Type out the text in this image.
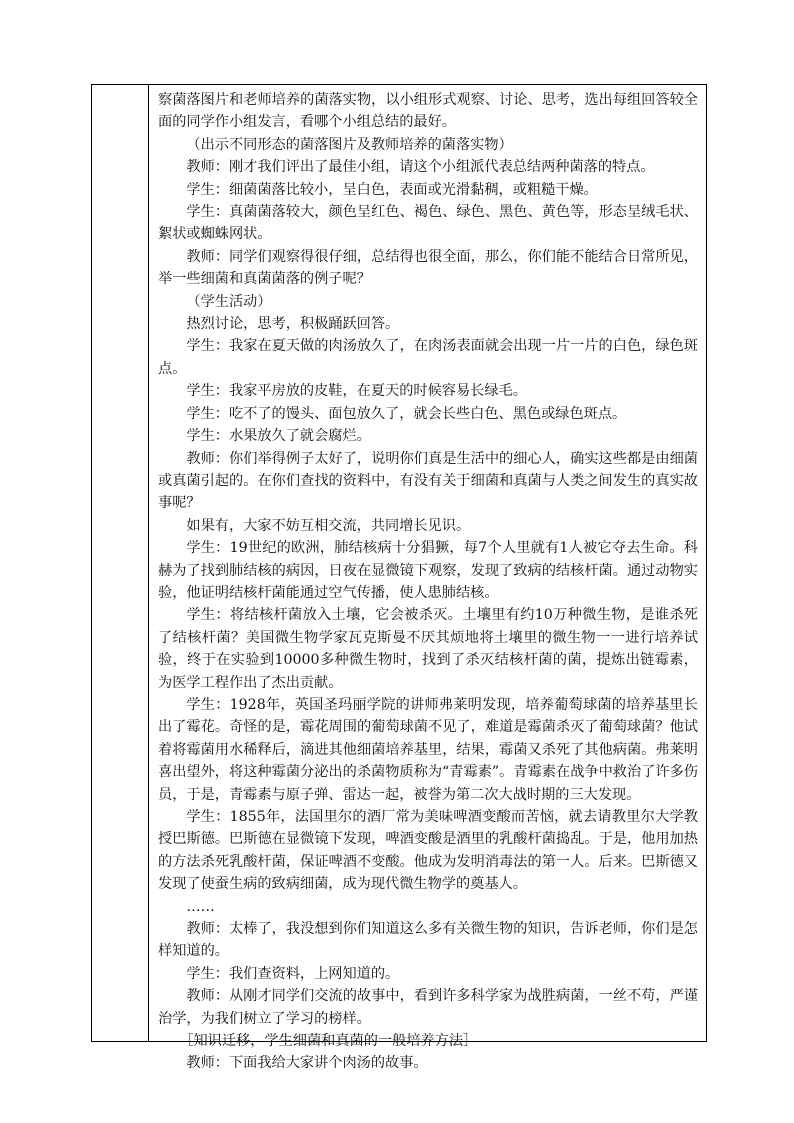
察菌落图片和老师培养的菌落实物，以小组形式观察、讨论、思考，选出每组回答较全面的同学作小组发言，看哪个小组总结的最好。

（出示不同形态的菌落图片及教师培养的菌落实物）

教师：刚才我们评出了最佳小组，请这个小组派代表总结两种菌落的特点。

学生：细菌菌落比较小，呈白色，表面或光滑黏稠，或粗糙干燥。

学生：真菌菌落较大，颜色呈红色、褐色、绿色、黑色、黄色等，形态呈绒毛状、絮状或蜘蛛网状。

教师：同学们观察得很仔细，总结得也很全面，那么，你们能不能结合日常所见，举一些细菌和真菌菌落的例子呢？

（学生活动）

热烈讨论，思考，积极踊跃回答。

学生：我家在夏天做的肉汤放久了，在肉汤表面就会出现一片一片的白色，绿色斑点。

学生：我家平房放的皮鞋，在夏天的时候容易长绿毛。

学生：吃不了的馒头、面包放久了，就会长些白色、黑色或绿色斑点。

学生：水果放久了就会腐烂。

教师：你们举得例子太好了，说明你们真是生活中的细心人，确实这些都是由细菌或真菌引起的。在你们查找的资料中，有没有关于细菌和真菌与人类之间发生的真实故事呢？

如果有，大家不妨互相交流，共同增长见识。

学生：19世纪的欧洲，肺结核病十分猖獗，每7个人里就有1人被它夺去生命。科赫为了找到肺结核的病因，日夜在显微镜下观察，发现了致病的结核杆菌。通过动物实验，他证明结核杆菌能通过空气传播，使人患肺结核。

学生：将结核杆菌放入土壤，它会被杀灭。土壤里有约10万种微生物，是谁杀死了结核杆菌？美国微生物学家瓦克斯曼不厌其烦地将土壤里的微生物一一进行培养试验，终于在实验到10000多种微生物时，找到了杀灭结核杆菌的菌，提炼出链霉素，为医学工程作出了杰出贡献。

学生：1928年，英国圣玛丽学院的讲师弗莱明发现，培养葡萄球菌的培养基里长出了霉花。奇怪的是，霉花周围的葡萄球菌不见了，难道是霉菌杀灭了葡萄球菌？他试着将霉菌用水稀释后，滴进其他细菌培养基里，结果，霉菌又杀死了其他病菌。弗莱明喜出望外，将这种霉菌分泌出的杀菌物质称为“青霉素”。青霉素在战争中救治了许多伤员，于是，青霉素与原子弹、雷达一起，被誉为第二次大战时期的三大发现。

学生：1855年，法国里尔的酒厂常为美味啤酒变酸而苦恼，就去请教里尔大学教授巴斯德。巴斯德在显微镜下发现，啤酒变酸是酒里的乳酸杆菌捣乱。于是，他用加热的方法杀死乳酸杆菌，保证啤酒不变酸。他成为发明消毒法的第一人。后来。巴斯德又发现了使蚕生病的致病细菌，成为现代微生物学的奠基人。

……

教师：太棒了，我没想到你们知道这么多有关微生物的知识，告诉老师，你们是怎样知道的。

学生：我们查资料，上网知道的。

教师：从刚才同学们交流的故事中，看到许多科学家为战胜病菌，一丝不苟，严谨治学，为我们树立了学习的榜样。

［知识迁移，学生细菌和真菌的一般培养方法］

教师：下面我给大家讲个肉汤的故事。
